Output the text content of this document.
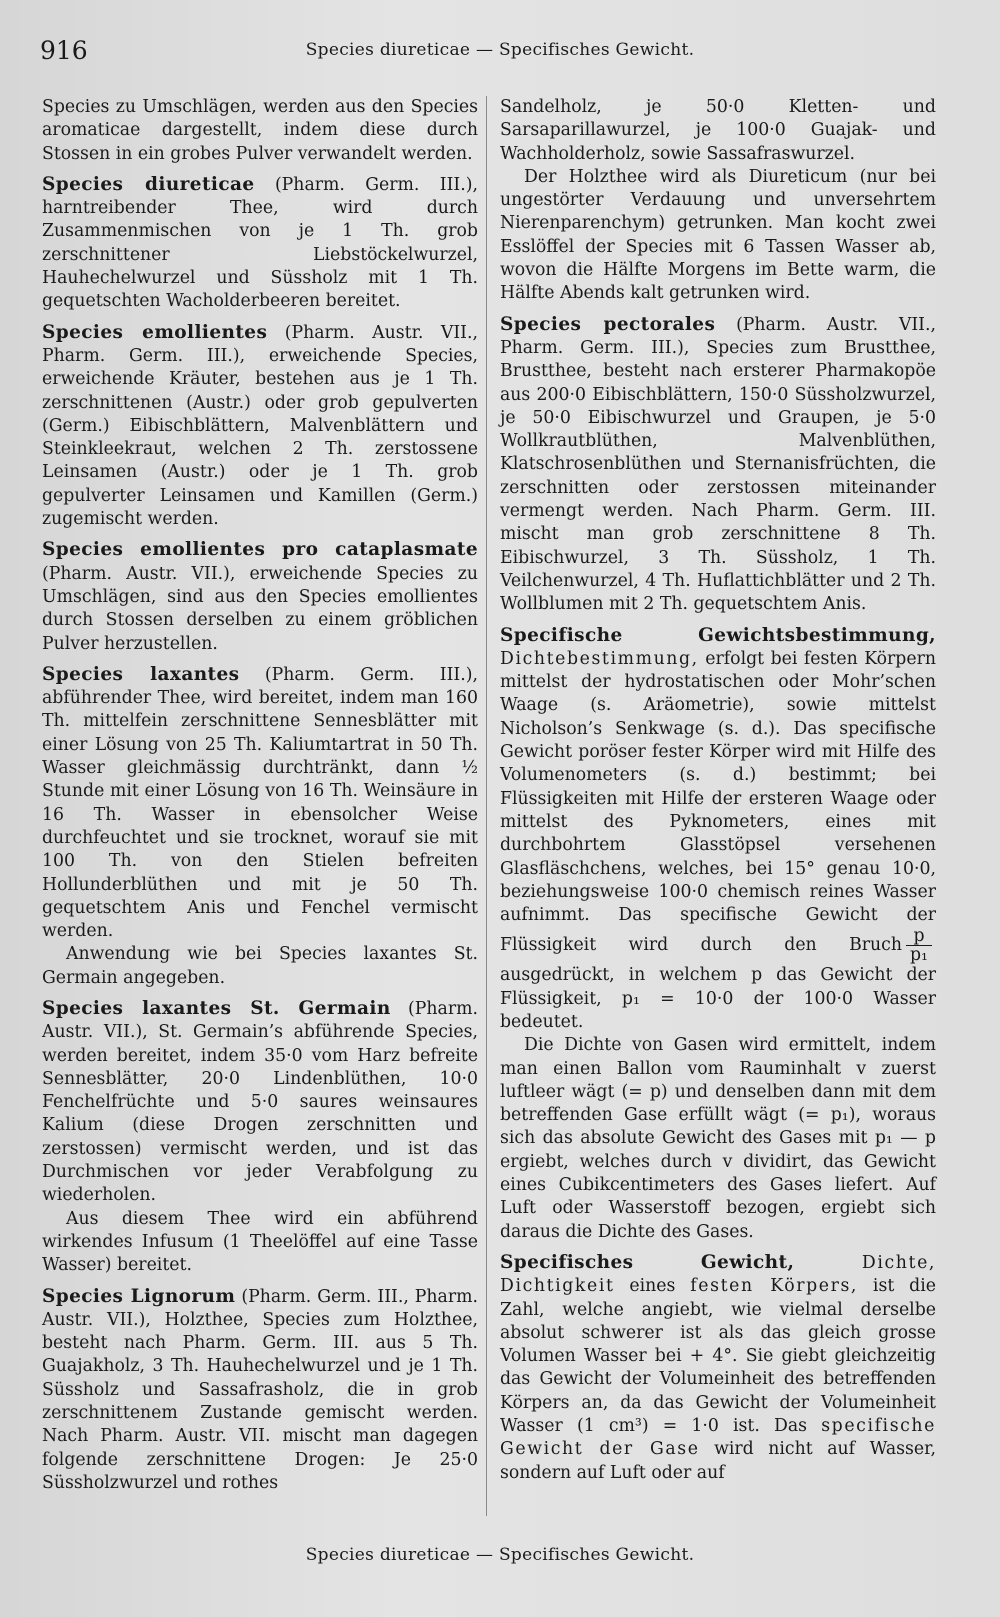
916	Species diureticae — Specifisches Gewicht.

Species zu Umschlägen, werden aus den Species aromaticae dargestellt, indem diese durch Stossen in ein grobes Pulver verwandelt werden.

Species diureticae (Pharm. Germ. III.), harntreibender Thee, wird durch Zusammenmischen von je 1 Th. grob zerschnittener Liebstöckelwurzel, Hauhechelwurzel und Süssholz mit 1 Th. gequetschten Wacholderbeeren bereitet.

Species emollientes (Pharm. Austr. VII., Pharm. Germ. III.), erweichende Species, erweichende Kräuter, bestehen aus je 1 Th. zerschnittenen (Austr.) oder grob gepulverten (Germ.) Eibischblättern, Malvenblättern und Steinkleekraut, welchen 2 Th. zerstossene Leinsamen (Austr.) oder je 1 Th. grob gepulverter Leinsamen und Kamillen (Germ.) zugemischt werden.

Species emollientes pro cataplasmate (Pharm. Austr. VII.), erweichende Species zu Umschlägen, sind aus den Species emollientes durch Stossen derselben zu einem gröblichen Pulver herzustellen.

Species laxantes (Pharm. Germ. III.), abführender Thee, wird bereitet, indem man 160 Th. mittelfein zerschnittene Sennesblätter mit einer Lösung von 25 Th. Kaliumtartrat in 50 Th. Wasser gleichmässig durchtränkt, dann ½ Stunde mit einer Lösung von 16 Th. Weinsäure in 16 Th. Wasser in ebensolcher Weise durchfeuchtet und sie trocknet, worauf sie mit 100 Th. von den Stielen befreiten Hollunderblüthen und mit je 50 Th. gequetschtem Anis und Fenchel vermischt werden.

Anwendung wie bei Species laxantes St. Germain angegeben.

Species laxantes St. Germain (Pharm. Austr. VII.), St. Germain’s abführende Species, werden bereitet, indem 35·0 vom Harz befreite Sennesblätter, 20·0 Lindenblüthen, 10·0 Fenchelfrüchte und 5·0 saures weinsaures Kalium (diese Drogen zerschnitten und zerstossen) vermischt werden, und ist das Durchmischen vor jeder Verabfolgung zu wiederholen.

Aus diesem Thee wird ein abführend wirkendes Infusum (1 Theelöffel auf eine Tasse Wasser) bereitet.

Species Lignorum (Pharm. Germ. III., Pharm. Austr. VII.), Holzthee, Species zum Holzthee, besteht nach Pharm. Germ. III. aus 5 Th. Guajakholz, 3 Th. Hauhechelwurzel und je 1 Th. Süssholz und Sassafrasholz, die in grob zerschnittenem Zustande gemischt werden. Nach Pharm. Austr. VII. mischt man dagegen folgende zerschnittene Drogen: Je 25·0 Süssholzwurzel und rothes

Sandelholz, je 50·0 Kletten- und Sarsaparillawurzel, je 100·0 Guajak- und Wachholderholz, sowie Sassafraswurzel.

Der Holzthee wird als Diureticum (nur bei ungestörter Verdauung und unversehrtem Nierenparenchym) getrunken. Man kocht zwei Esslöffel der Species mit 6 Tassen Wasser ab, wovon die Hälfte Morgens im Bette warm, die Hälfte Abends kalt getrunken wird.

Species pectorales (Pharm. Austr. VII., Pharm. Germ. III.), Species zum Brustthee, Brustthee, besteht nach ersterer Pharmakopöe aus 200·0 Eibischblättern, 150·0 Süssholzwurzel, je 50·0 Eibischwurzel und Graupen, je 5·0 Wollkrautblüthen, Malvenblüthen, Klatschrosenblüthen und Sternanisfrüchten, die zerschnitten oder zerstossen miteinander vermengt werden. Nach Pharm. Germ. III. mischt man grob zerschnittene 8 Th. Eibischwurzel, 3 Th. Süssholz, 1 Th. Veilchenwurzel, 4 Th. Huflattichblätter und 2 Th. Wollblumen mit 2 Th. gequetschtem Anis.

Specifische Gewichtsbestimmung, Dichtebestimmung, erfolgt bei festen Körpern mittelst der hydrostatischen oder Mohr’schen Waage (s. Aräometrie), sowie mittelst Nicholson’s Senkwage (s. d.). Das specifische Gewicht poröser fester Körper wird mit Hilfe des Volumenometers (s. d.) bestimmt; bei Flüssigkeiten mit Hilfe der ersteren Waage oder mittelst des Pyknometers, eines mit durchbohrtem Glasstöpsel versehenen Glasfläschchens, welches, bei 15° genau 10·0, beziehungsweise 100·0 chemisch reines Wasser aufnimmt. Das specifische Gewicht der Flüssigkeit wird durch den Bruch $\frac{p}{\text{p₁}}$
ausgedrückt, in welchem p das Gewicht der Flüssigkeit, p₁ = 10·0 der 100·0 Wasser bedeutet.

Die Dichte von Gasen wird ermittelt, indem man einen Ballon vom Rauminhalt v zuerst luftleer wägt (= p) und denselben dann mit dem betreffenden Gase erfüllt wägt (= p₁), woraus sich das absolute Gewicht des Gases mit p₁ — p ergiebt, welches durch v dividirt, das Gewicht eines Cubikcentimeters des Gases liefert. Auf Luft oder Wasserstoff bezogen, ergiebt sich daraus die Dichte des Gases.

Specifisches Gewicht, Dichte, Dichtigkeit eines festen Körpers, ist die Zahl, welche angiebt, wie vielmal derselbe absolut schwerer ist als das gleich grosse Volumen Wasser bei + 4°. Sie giebt gleichzeitig das Gewicht der Volumeinheit des betreffenden Körpers an, da das Gewicht der Volumeinheit Wasser (1 cm³) = 1·0 ist. Das specifische Gewicht der Gase wird nicht auf Wasser, sondern auf Luft oder auf

Species diureticae — Specifisches Gewicht.
